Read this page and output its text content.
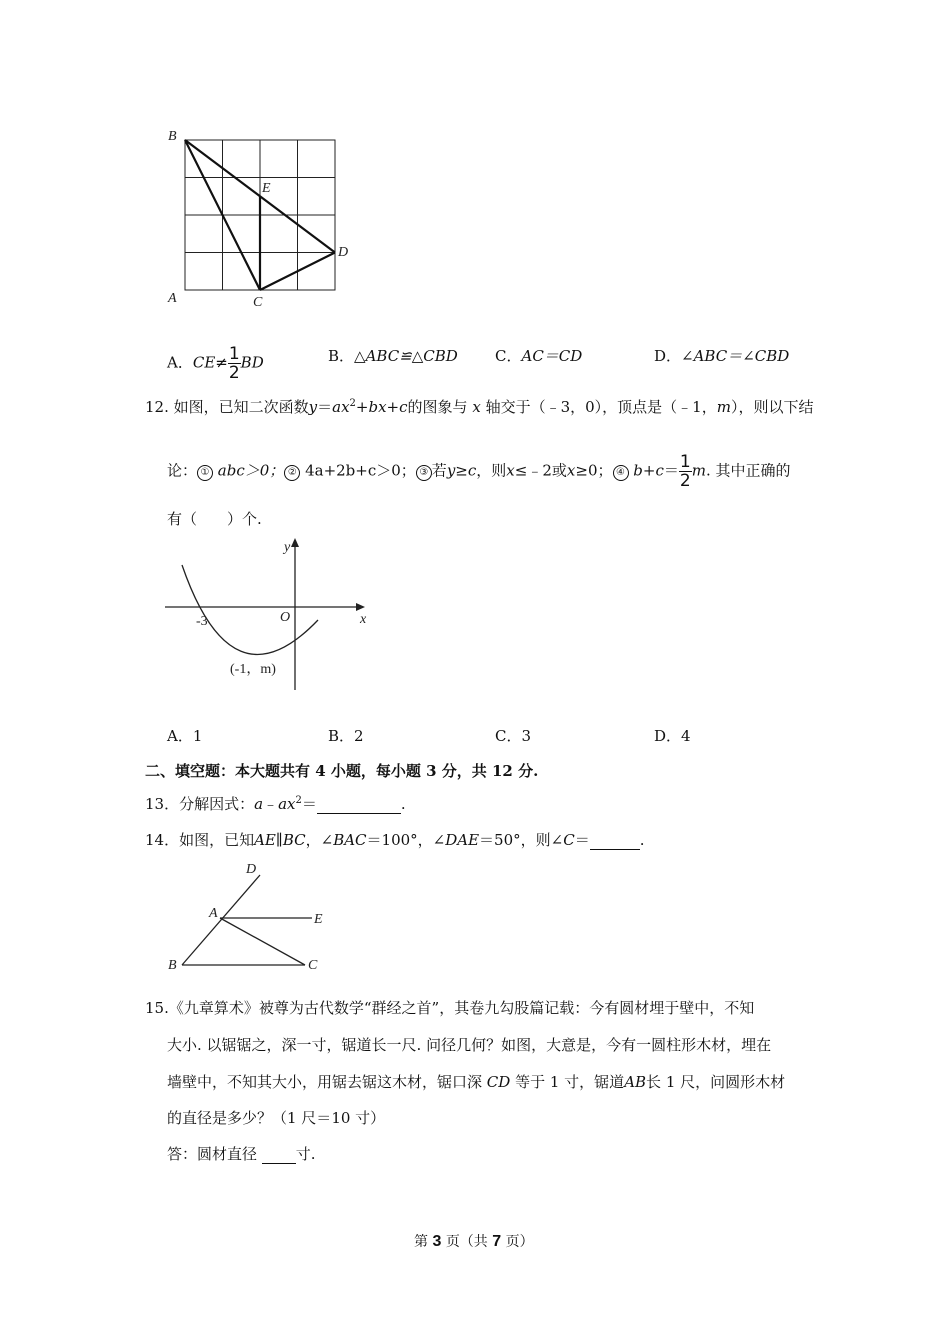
B
E
D
A	C
A．$CE\ne \frac{1}{2}$ BD	B．△ABC≌△CBD C．AC＝CD	D．∠ABC＝∠CBD
12. 如图，已知二次函数$y=ax^2+bx+c$的图象与 x 轴交于（﹣3，0），顶点是（﹣1，m），则以下结
论： ① abc＞0； ② 4a+2b+c＞0； ③ 若y≥c，则x≤﹣2或x≥0； ④ $b+c= \frac{1}{2} m$. 其中正确的
有（　　）个.
y
x
O
-3
(-1，m)
A．1	B．2	C．3	D．4
二、填空题：本大题共有 4 小题，每小题 3 分，共 12 分.
13．分解因式：$a﹣ax^2=$	.
14．如图，已知AE∥BC，∠BAC＝100°，∠DAE＝50°，则∠C＝	.
D
A	E
B	C
15.《九章算术》被尊为古代数学“群经之首”，其卷九勾股篇记载：今有圆材埋于壁中，不知
大小. 以锯锯之，深一寸，锯道长一尺. 问径几何？如图，大意是，今有一圆柱形木材，埋在
墙壁中，不知其大小，用锯去锯这木材，锯口深 CD 等于 1 寸，锯道AB长 1 尺，问圆形木材
的直径是多少？（1 尺＝10 寸）
答：圆材直径	寸.
第 3 页（共 7 页）
